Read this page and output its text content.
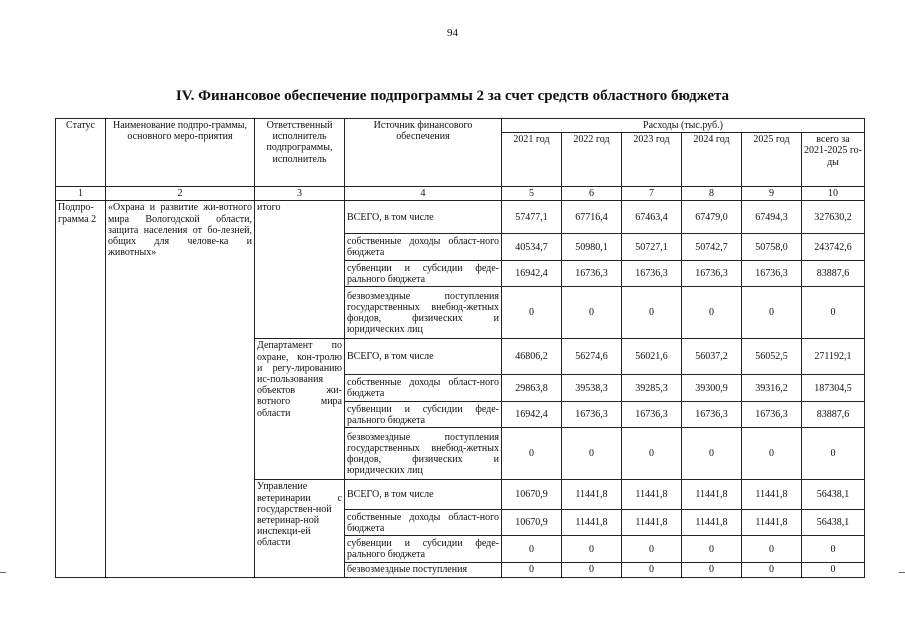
94
IV. Финансовое обеспечение подпрограммы 2 за счет средств областного бюджета
Статус	Наименование подпро-граммы, основного меро-приятия	Ответственный исполнитель подпрограммы, исполнитель	Источник финансового обеспечения	Расходы (тыс.руб.)					
				2021 год	2022 год	2023 год	2024 год	2025 год	всего за 2021-2025 го-ды
1	2	3	4	5	6	7	8	9	10
Подпро-грамма 2	«Охрана и развитие жи-вотного мира Вологодской области, защита населения от бо-лезней, общих для челове-ка и животных»	итого	ВСЕГО, в том числе	57477,1	67716,4	67463,4	67479,0	67494,3	327630,2
			собственные доходы област-ного бюджета	40534,7	50980,1	50727,1	50742,7	50758,0	243742,6
			субвенции и субсидии феде-рального бюджета	16942,4	16736,3	16736,3	16736,3	16736,3	83887,6
			безвозмездные поступления государственных внебюд-жетных фондов, физических и юридических лиц	0	0	0	0	0	0
		Департамент по охране, кон-тролю и регу-лированию ис-пользования объектов жи-вотного мира области	ВСЕГО, в том числе	46806,2	56274,6	56021,6	56037,2	56052,5	271192,1
			собственные доходы област-ного бюджета	29863,8	39538,3	39285,3	39300,9	39316,2	187304,5
			субвенции и субсидии феде-рального бюджета	16942,4	16736,3	16736,3	16736,3	16736,3	83887,6
			безвозмездные поступления государственных внебюд-жетных фондов, физических и юридических лиц	0	0	0	0	0	0
		Управление ветеринарии с государствен-ной ветеринар-ной инспекци-ей области	ВСЕГО, в том числе	10670,9	11441,8	11441,8	11441,8	11441,8	56438,1
			собственные доходы област-ного бюджета	10670,9	11441,8	11441,8	11441,8	11441,8	56438,1
			субвенции и субсидии феде-рального бюджета	0	0	0	0	0	0
			безвозмездные поступления	0	0	0	0	0	0
